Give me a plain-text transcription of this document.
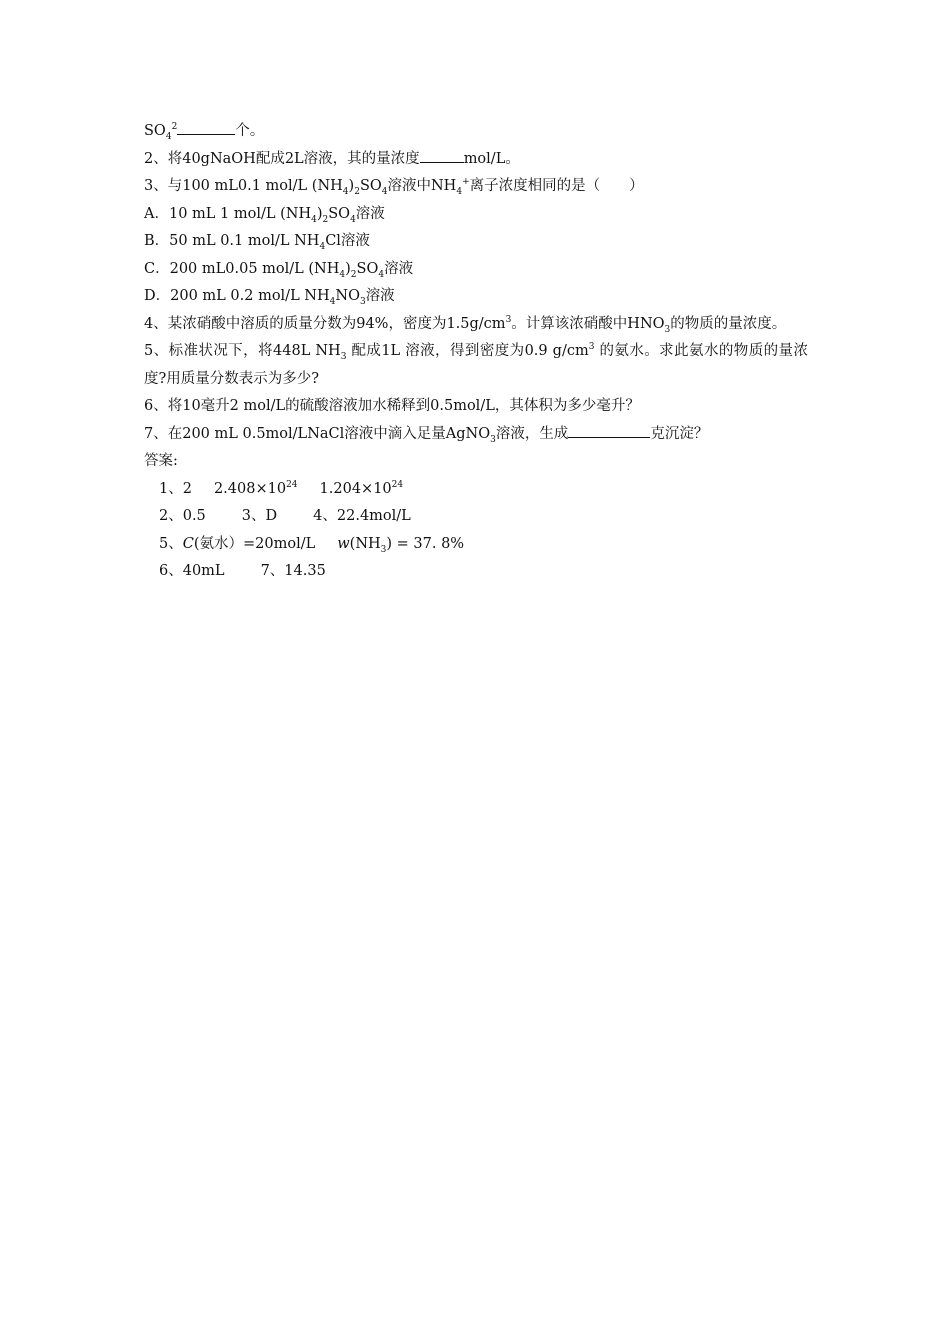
$SO_4^2$	个。
2、将40gNaOH配成2L溶液，其的量浓度	mol/L。
3、与100 mL0.1 mol/L $(NH_4)_2SO_4$溶液中$NH_4^+$离子浓度相同的是（　　）
A．10 mL 1 mol/L $(NH_4)_2SO_4$溶液
B．50 mL 0.1 mol/L $NH_4Cl$溶液
C．200 mL0.05 mol/L $(NH_4)_2SO_4$溶液
D．200 mL 0.2 mol/L $NH_4NO_3$溶液
4、某浓硝酸中溶质的质量分数为94%，密度为$1.5g/cm^3$。计算该浓硝酸中$HNO_3$的物质的量浓度。
5、标准状况下，将448L $NH_3$ 配成1L 溶液，得到密度为0.9 $g/cm^3$ 的氨水。求此氨水的物质的量浓度?用质量分数表示为多少?
6、将10毫升2 mol/L的硫酸溶液加水稀释到0.5mol/L，其体积为多少毫升？
7、在200 mL 0.5mol/LNaCl溶液中滴入足量AgNO$_3$溶液，生成	克沉淀？
答案:
1、2 $2.408\times 10^{24}$ $1.204\times 10^{24}$
2、0.5 3、D 4、22.4mol/L
5、C(氨水）=20mol/L $w(NH_3) = 37$. 8%
6、40mL 7、14.35
